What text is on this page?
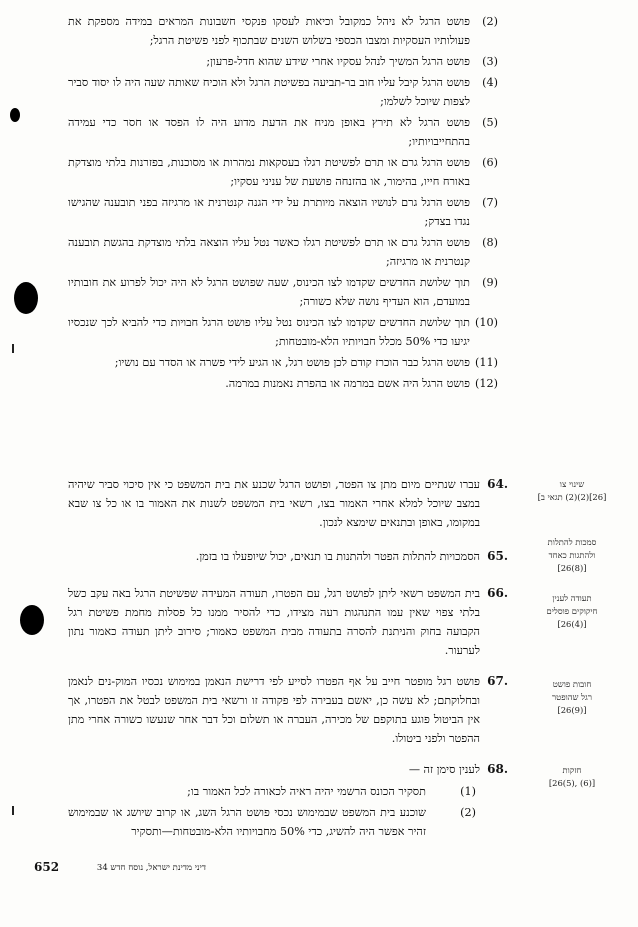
(2)
פושט הרגל לא ניהל כמקובל וכיאות לעסקו פנקסי חשבונות המראים במידה מספקת את פעולותיו העסקיות ומצבו הכספי בשלוש השנים שבתכוף לפני פשיטת הרגל;
(3)
פושט הרגל המשיך לנהל עסקיו אחרי שידע שהוא חדל-פרעון;
(4)
פושט הרגל קיבל עליו חוב בר-תביעה בפשיטת הרגל ולא הוכיח שאותה שעה היה לו יסוד סביר לצפות שיוכל לשלמו;
(5)
פושט הרגל לא תירץ באופן מניח את הדעת מדוע היה לו הפסד או חסר כדי עמידה בהתחייבויותיו;
(6)
פושט הרגל גרם או תרם לפשיטת רגלו בעסקאות נמהרות או מסוכנות, בפזרנות בלתי מוצדקת באורח חייו, בהימור, או בהזנחה פושעת של עניני עסקיו;
(7)
פושט הרגל גרם לנושיו הוצאה מיותרת על ידי הגנה קנטרנית או מרגיזה בפני תובענה שהגישו נגדו בצדק;
(8)
פושט הרגל גרם או תרם לפשיטת רגלו כאשר נטל עליו הוצאה בלתי מוצדקת בהגשת תובענה קנטרנית או מרגיזה;
(9)
תוך שלושת החדשים שקדמו לצו הכינוס, שעה שפושט הרגל לא היה יכול לפרוע את חובותיו במועדם, הוא העדיף נושה שלא כשורה;
(10)
תוך שלושת החדשים שקדמו לצו הכינוס נטל עליו פושט הרגל חבויות כדי להביא לכך שנכסיו יגיעו כדי 50% מכלל חבויותיו הלא-מובטחות;
(11)
פושט הרגל כבר הוכרז קודם לכן פושט רגל, או הגיע לידי פשרה או הסדר עם נושיו;
(12)
פושט הרגל היה אשם במרמה או בהפרת נאמנות במרמה.
.64
עברו שנתיים מיום מתן צו הפטר, ופושט הרגל שכנע את בית המשפט כי אין סיכוי סביר שיהיה במצב שיוכל למלא אחרי האמור בצו, רשאי בית המשפט לשנות את האמור בו או כל צו שבא במקומו, באופן ובתנאים שימצא לנכון.
.65
הסמכויות להתלות הפטר ולהתנות בו תנאים, יכול שיופעלו בו בזמן.
.66
בית המשפט רשאי ליתן לפושט רגל, עם הפטרו, תעודה המעידה שפשיטת הרגל באה עקב כשל בלתי צפוי שאין עמו התנהגות רעה מצידו, כדי להסיר ממנו כל פסלות מחמת פשיטת רגל הקבועה בחוק והניתנת להסרה בתעודה מבית המשפט כאמור; סירוב ליתן תעודה כאמור נתון לערעור.
.67
פושט רגל מופטר חייב על אף הפטרו לסייע לפי דרישת הנאמן במימוש נכסיו המוק-נים לנאמן ובחלוקתם; לא עשה כן, יאשם בעבירה לפי פקודה זו ורשאי בית המשפט לבטל את הפטרו, אך אין הביטול פוגע בתוקפם של מכירה, העברה או תשלום וכל דבר אחר שנעשו כשורה אחרי מתן ההפטר ולפני ביטולו.
.68
לענין סימן זה —
(1)
תסקיר הכונס הרשמי יהיה ראיה לכאורה לכל האמור בו;
(2)
שוכנע בית המשפט שבמימוש נכסי פושט הרגל השג, או קרוב שיושג או שבמימוש זהיר אפשר היה להשיג, כדי 50% מחבויותיו הלא-מובטחות—ותסקיר
שינוי צו
[26](2)(2) תגאי ב]
סמכות להתלות
ולהתגות כאחד
[(8)26]
תעודה לענין
חיקוקים פוסלים
[(4)26]
חובות פושט
רגל שהופטר
[(9)26]
חזקות
[(6) ,(5)26]
652	דיני מדינת ישראל, נוסח חדש 34
